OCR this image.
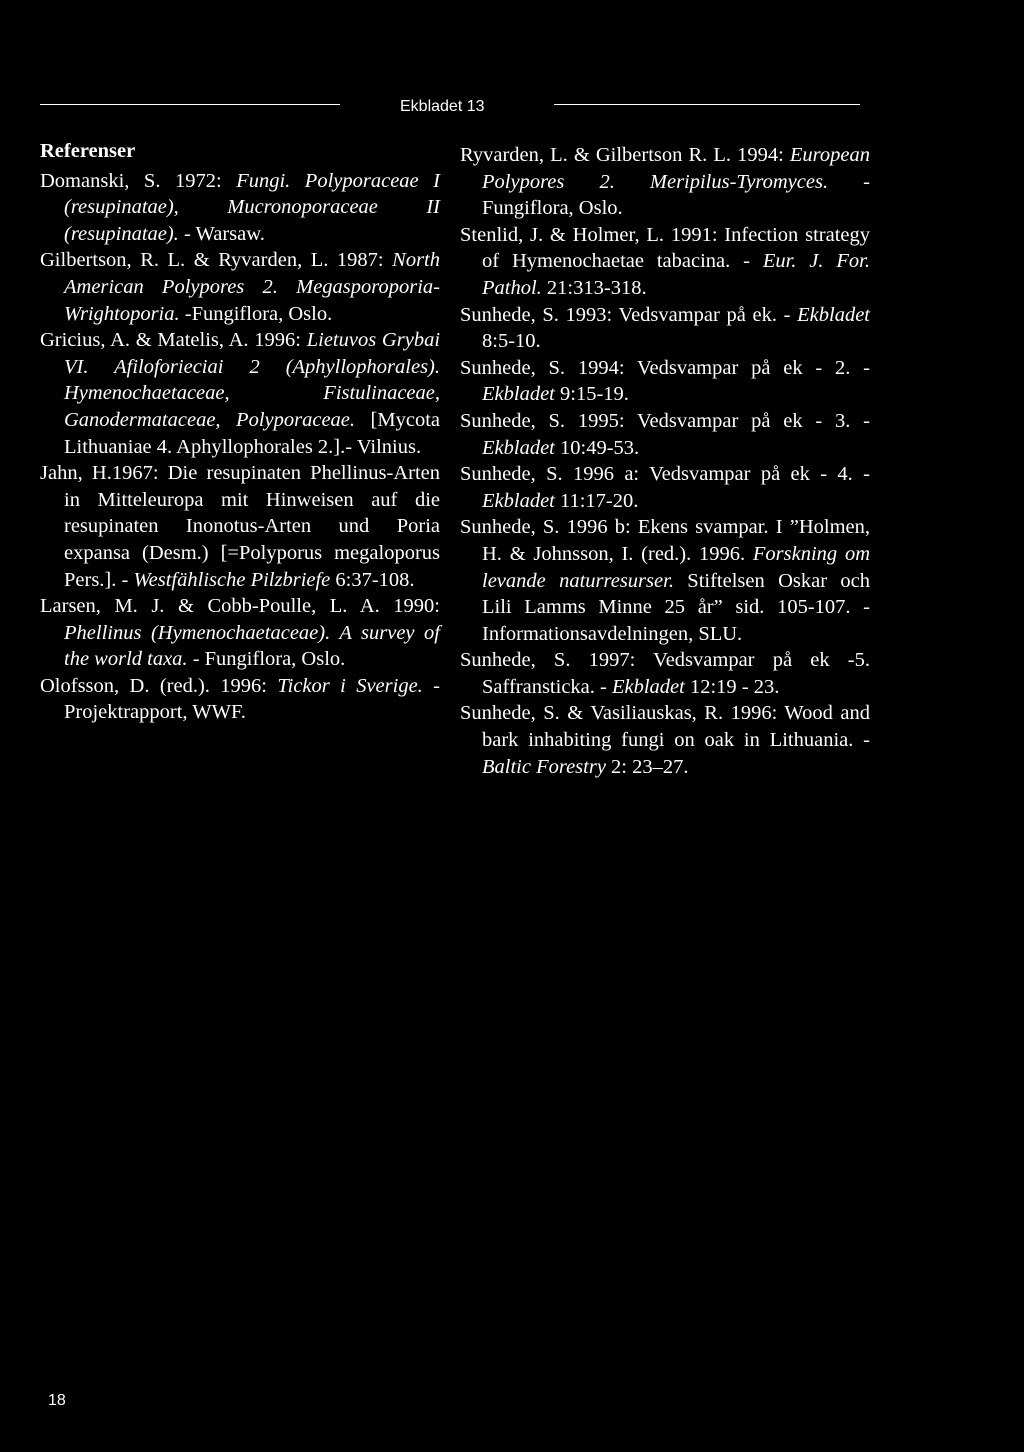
Ekbladet 13
Referenser
Domanski, S. 1972: Fungi. Polyporaceae I (resupinatae), Mucronoporaceae II (resupinatae). - Warsaw.
Gilbertson, R. L. & Ryvarden, L. 1987: North American Polypores 2. Megasporoporia-Wrightoporia. -Fungiflora, Oslo.
Gricius, A. & Matelis, A. 1996: Lietuvos Grybai VI. Afiloforieciai 2 (Aphyllophorales). Hymenochaetaceae, Fistulinaceae, Ganodermataceae, Polyporaceae. [Mycota Lithuaniae 4. Aphyllophorales 2.].- Vilnius.
Jahn, H.1967: Die resupinaten Phellinus-Arten in Mitteleuropa mit Hinweisen auf die resupinaten Inonotus-Arten und Poria expansa (Desm.) [=Polyporus megaloporus Pers.]. - Westfählische Pilzbriefe 6:37-108.
Larsen, M. J. & Cobb-Poulle, L. A. 1990: Phellinus (Hymenochaetaceae). A survey of the world taxa. - Fungiflora, Oslo.
Olofsson, D. (red.). 1996: Tickor i Sverige. - Projektrapport, WWF.
Ryvarden, L. & Gilbertson R. L. 1994: European Polypores 2. Meripilus-Tyromyces. - Fungiflora, Oslo.
Stenlid, J. & Holmer, L. 1991: Infection strategy of Hymenochaetae tabacina. - Eur. J. For. Pathol. 21:313-318.
Sunhede, S. 1993: Vedsvampar på ek. - Ekbladet 8:5-10.
Sunhede, S. 1994: Vedsvampar på ek - 2. - Ekbladet 9:15-19.
Sunhede, S. 1995: Vedsvampar på ek - 3. - Ekbladet 10:49-53.
Sunhede, S. 1996 a: Vedsvampar på ek - 4. - Ekbladet 11:17-20.
Sunhede, S. 1996 b: Ekens svampar. I ”Holmen, H. & Johnsson, I. (red.). 1996. Forskning om levande naturresurser. Stiftelsen Oskar och Lili Lamms Minne 25 år” sid. 105-107. - Informationsavdelningen, SLU.
Sunhede, S. 1997: Vedsvampar på ek -5. Saffransticka. - Ekbladet 12:19 - 23.
Sunhede, S. & Vasiliauskas, R. 1996: Wood and bark inhabiting fungi on oak in Lithuania. - Baltic Forestry 2: 23–27.
18
